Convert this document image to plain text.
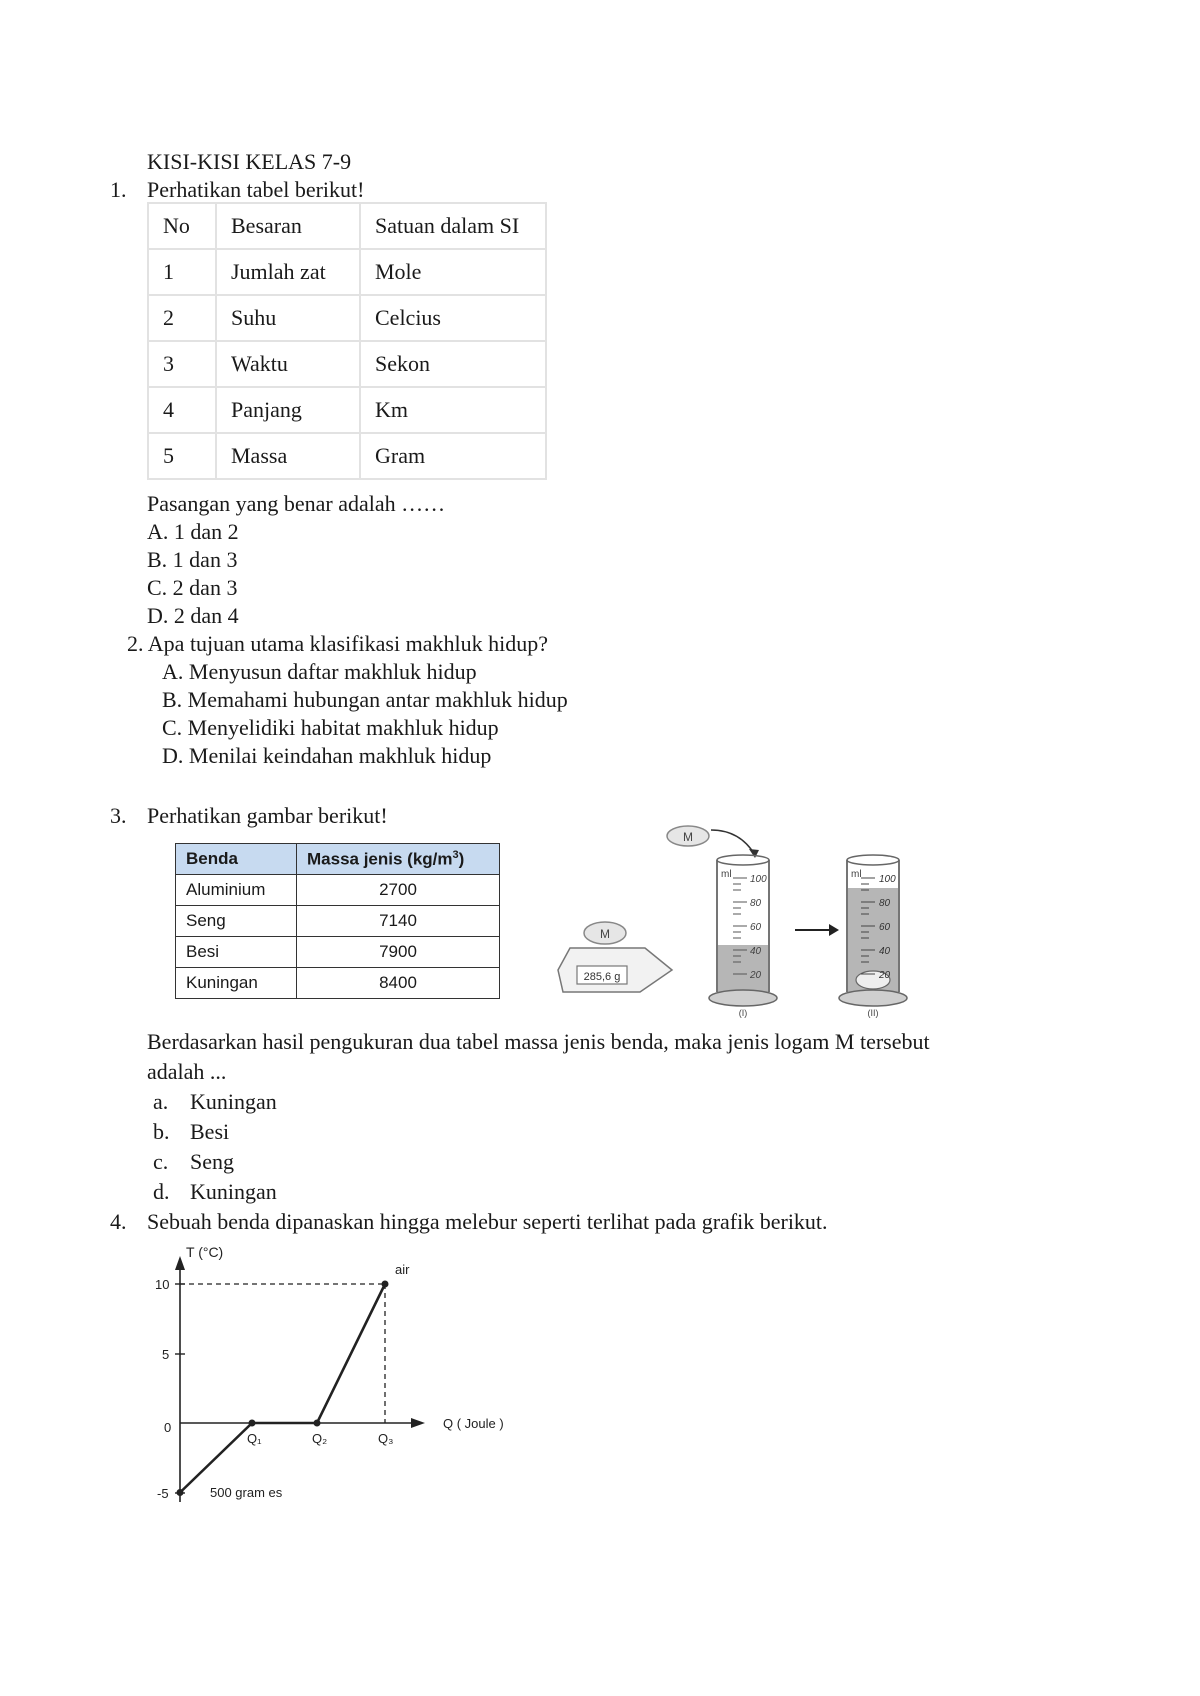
KISI-KISI KELAS 7-9
1. Perhatikan tabel berikut!
No	Besaran	Satuan dalam SI
1	Jumlah zat	Mole
2	Suhu	Celcius
3	Waktu	Sekon
4	Panjang	Km
5	Massa	Gram
Pasangan yang benar adalah ……
A. 1 dan 2
B. 1 dan 3
C. 2 dan 3
D. 2 dan 4
2. Apa tujuan utama klasifikasi makhluk hidup?
A. Menyusun daftar makhluk hidup
B. Memahami hubungan antar makhluk hidup
C. Menyelidiki habitat makhluk hidup
D. Menilai keindahan makhluk hidup
3. Perhatikan gambar berikut!
Benda	Massa jenis $(kg/m^3)$
Aluminium	2700
Seng	7140
Besi	7900
Kuningan	8400
M
M
285,6 g
ml 100
80
60
40
20
(I)
ml 100
80
60
40
20
(II)
Berdasarkan hasil pengukuran dua tabel massa jenis benda, maka jenis logam M tersebut
adalah ...
a. Kuningan
b. Besi
c. Seng
d. Kuningan
4. Sebuah benda dipanaskan hingga melebur seperti terlihat pada grafik berikut.
T (°C)
Q ( Joule )
10
5
0
-5
Q₁	Q₂	Q₃
air
500 gram es
